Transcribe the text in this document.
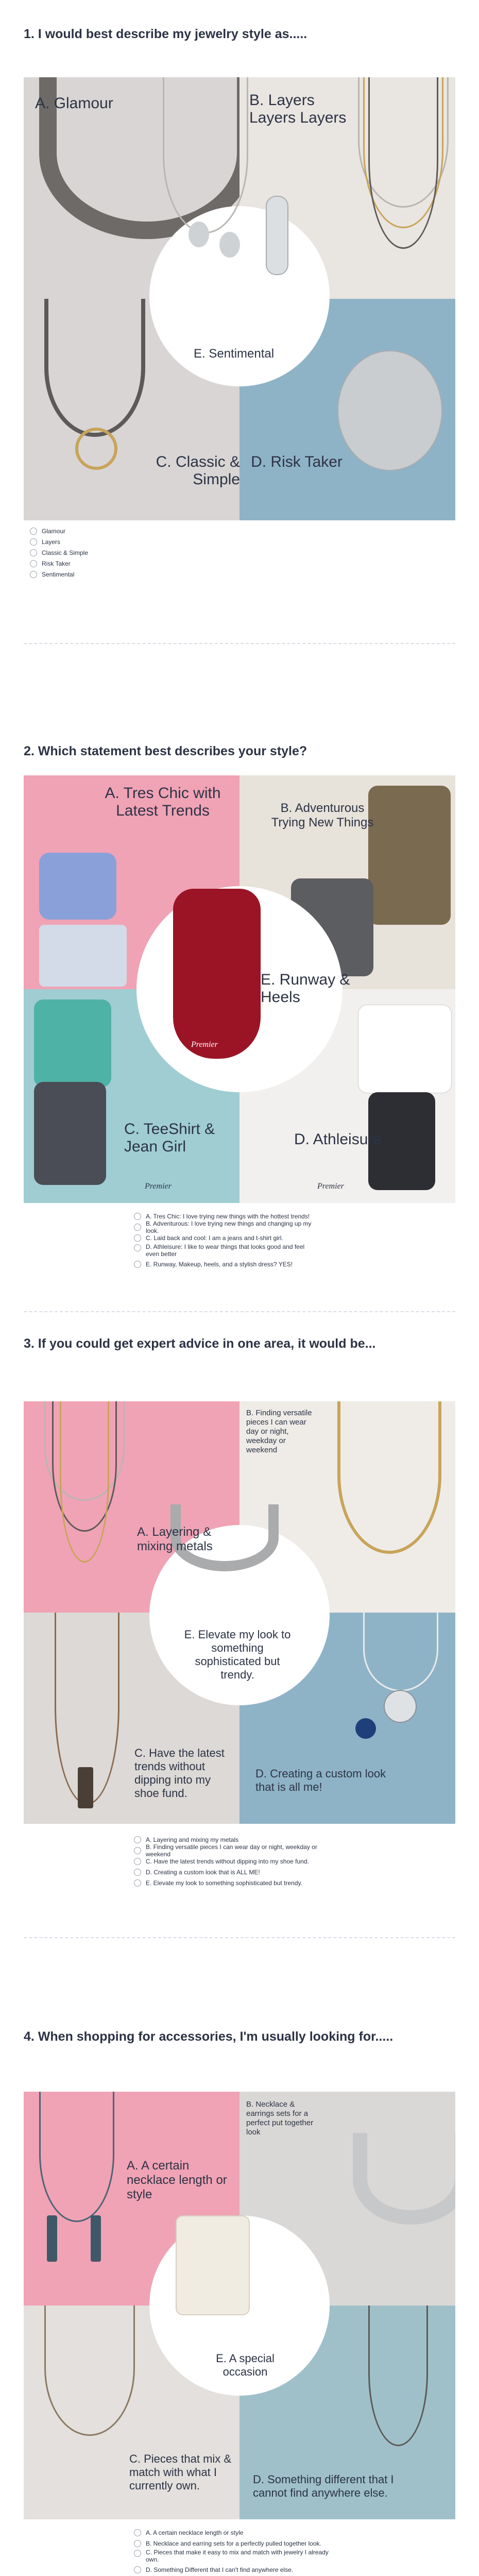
1. I would best describe my jewelry style as.....
A. Glamour	B. Layers Layers Layers
C. Classic & Simple
D. Risk Taker
E. Sentimental
Glamour
Layers
Classic & Simple
Risk Taker
Sentimental
2. Which statement best describes your style?
A. Tres Chic with Latest Trends	B. Adventurous Trying New Things
C. TeeShirt & Jean Girl	D. Athleisure
E. Runway & Heels
Premier
Premier	Premier
A. Tres Chic: I love trying new things with the hottest trends!
B. Adventurous: I love trying new things and changing up my look.
C. Laid back and cool: I am a jeans and t-shirt girl.
D. Athleisure: I like to wear things that looks good and feel even better
E. Runway, Makeup, heels, and a stylish dress? YES!
3. If you could get expert advice in one area, it would be...
A. Layering & mixing metals
B. Finding versatile pieces I can wear day or night, weekday or weekend
C. Have the latest trends without dipping into my shoe fund.
D. Creating a custom look that is all me!
E. Elevate my look to something sophisticated but trendy.
A. Layering and mixing my metals
B. Finding versatile pieces I can wear day or night, weekday or weekend
C. Have the latest trends without dipping into my shoe fund.
D. Creating a custom look that is ALL ME!
E. Elevate my look to something sophisticated but trendy.
4. When shopping for accessories, I'm usually looking for.....
A. A certain necklace length or style
B. Necklace & earrings sets for a perfect put together look
C. Pieces that mix & match with what I currently own.	D. Something different that I cannot find anywhere else.
E. A special occasion
A. A certain necklace length or style
B. Necklace and earring sets for a perfectly pulled together look.
C. Pieces that make it easy to mix and match with jewelry I already own.
D. Something Different that I can't find anywhere else.
